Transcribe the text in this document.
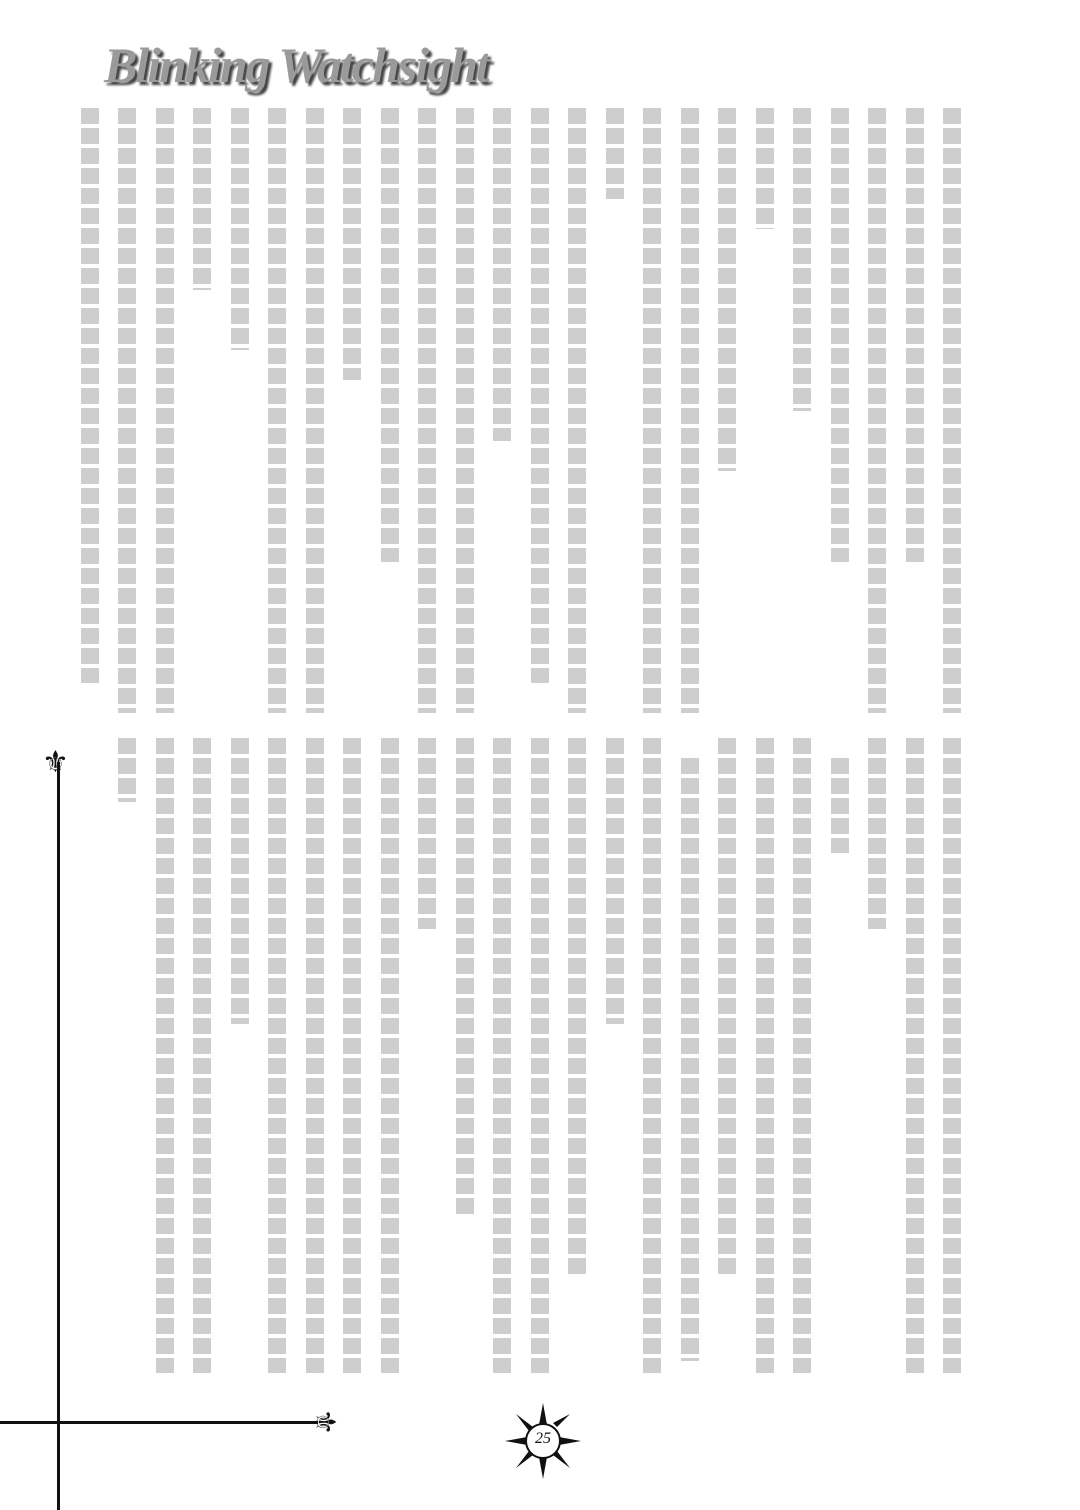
Blinking Watchsight
⚜
⚜
25
